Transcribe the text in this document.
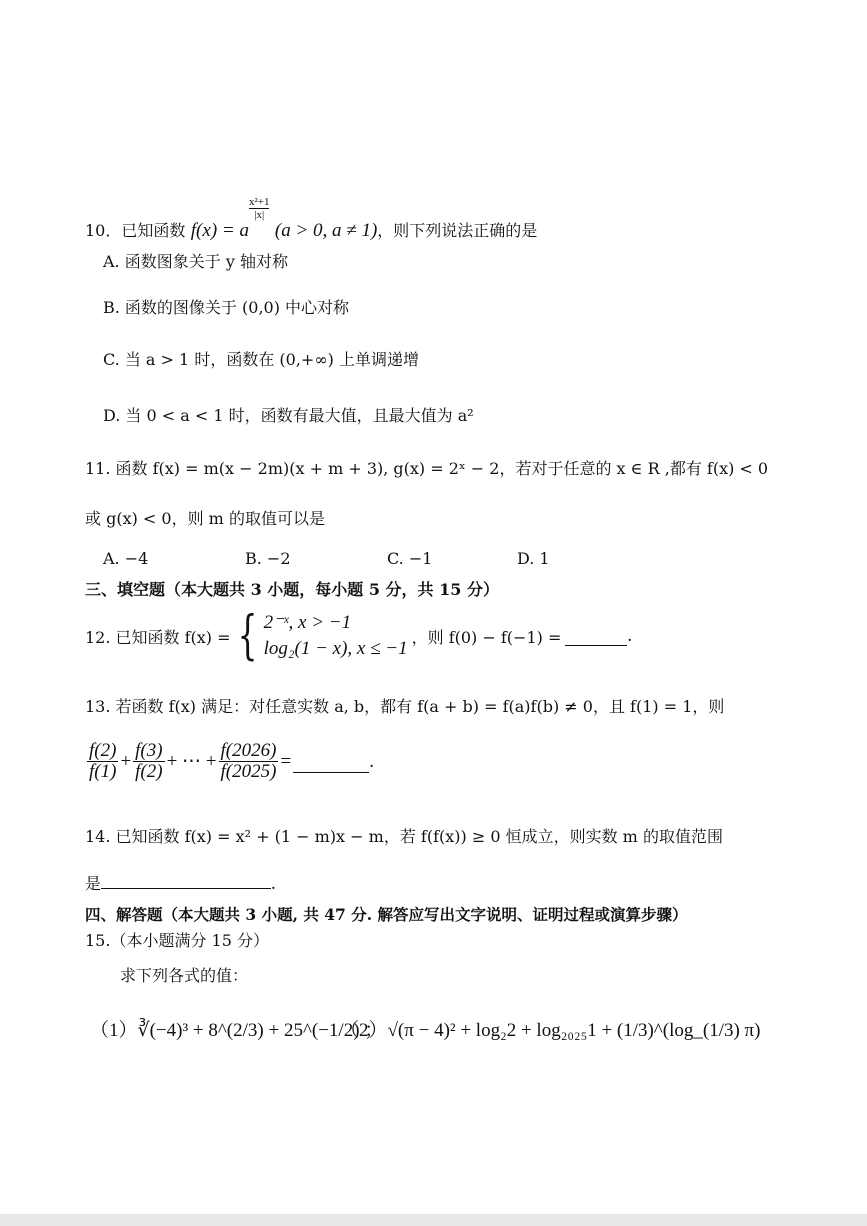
10．已知函数 f(x) = a
$\frac{\text{x²+1}}{|x|}$
(a > 0, a ≠ 1)，则下列说法正确的是
A. 函数图象关于 y 轴对称
B. 函数的图像关于 (0,0) 中心对称
C. 当 a > 1 时，函数在 (0,+∞) 上单调递增
D. 当 0 < a < 1 时，函数有最大值，且最大值为 a²
11. 函数 f(x) = m(x − 2m)(x + m + 3), g(x) = 2ˣ − 2，若对于任意的 x ∈ R ,都有 f(x) < 0
或 g(x) < 0，则 m 的取值可以是
A. −4	B. −2	C. −1	D. 1
三、填空题（本大题共 3 小题，每小题 5 分，共 15 分）
12. 已知函数 f(x) = { 2⁻ˣ, x > −1
log₂(1 − x), x ≤ −1
，则 f(0) − f(−1) =	.
13. 若函数 f(x) 满足：对任意实数 a, b，都有 f(a + b) = f(a)f(b) ≠ 0，且 f(1) = 1，则
$\frac{f(2)}{f(1)} + \frac{f(3)}{f(2)}$ + ⋯ + $\frac{f(2026)}{f(2025)}$ =	.
14. 已知函数 f(x) = x² + (1 − m)x − m，若 f(f(x)) ≥ 0 恒成立，则实数 m 的取值范围
是	.
四、解答题（本大题共 3 小题, 共 47 分. 解答应写出文字说明、证明过程或演算步骤）
15.（本小题满分 15 分）
求下列各式的值：
（1）∛(−4)³ + 8^(2/3) + 25^(−1/2) ；
（2）√(π − 4)² + log₂2 + log₂₀₂₅1 + (1/3)^(log_(1/3) π)
